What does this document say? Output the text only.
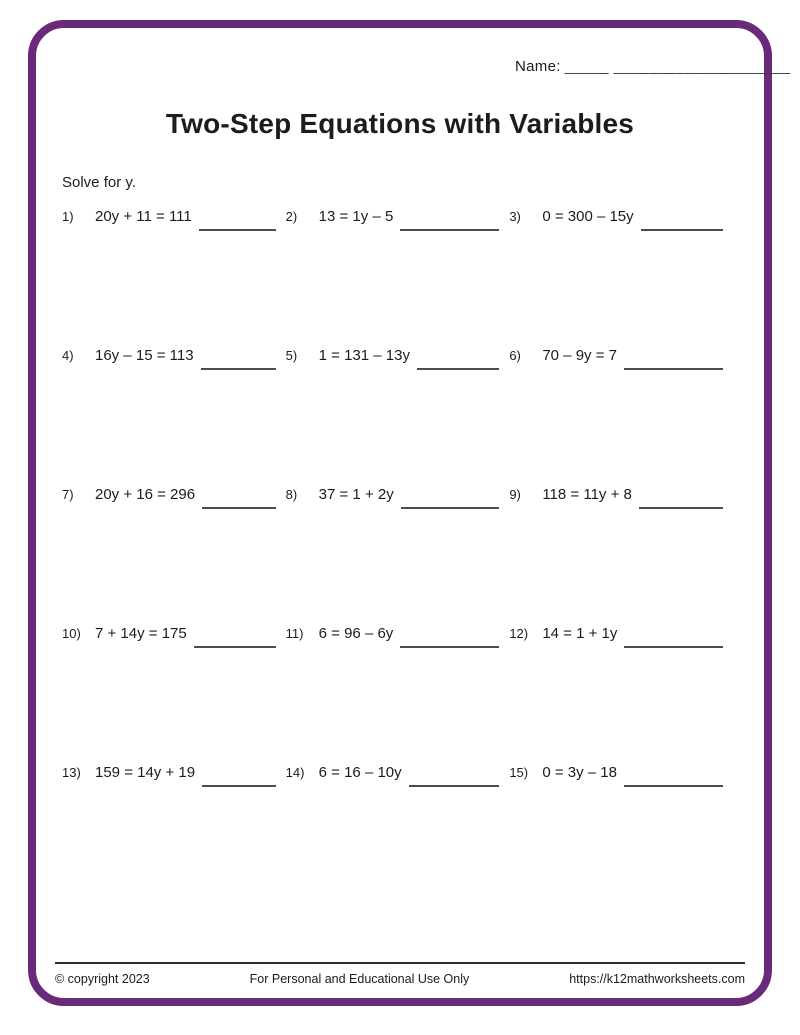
Name: _____ ____________________
Two-Step Equations with Variables
Solve for y.
1)	20y + 11 = 111	2)	13 = 1y – 5	3)	0 = 300 – 15y
4)	16y – 15 = 113	5)	1 = 131 – 13y	6)	70 – 9y = 7
7)	20y + 16 = 296	8)	37 = 1 + 2y	9)	118 = 11y + 8
10) 7 + 14y = 175	11)	6 = 96 – 6y	12) 14 = 1 + 1y
13) 159 = 14y + 19	14) 6 = 16 – 10y	15) 0 = 3y – 18
© copyright 2023	For Personal and Educational Use Only	https://k12mathworksheets.com
